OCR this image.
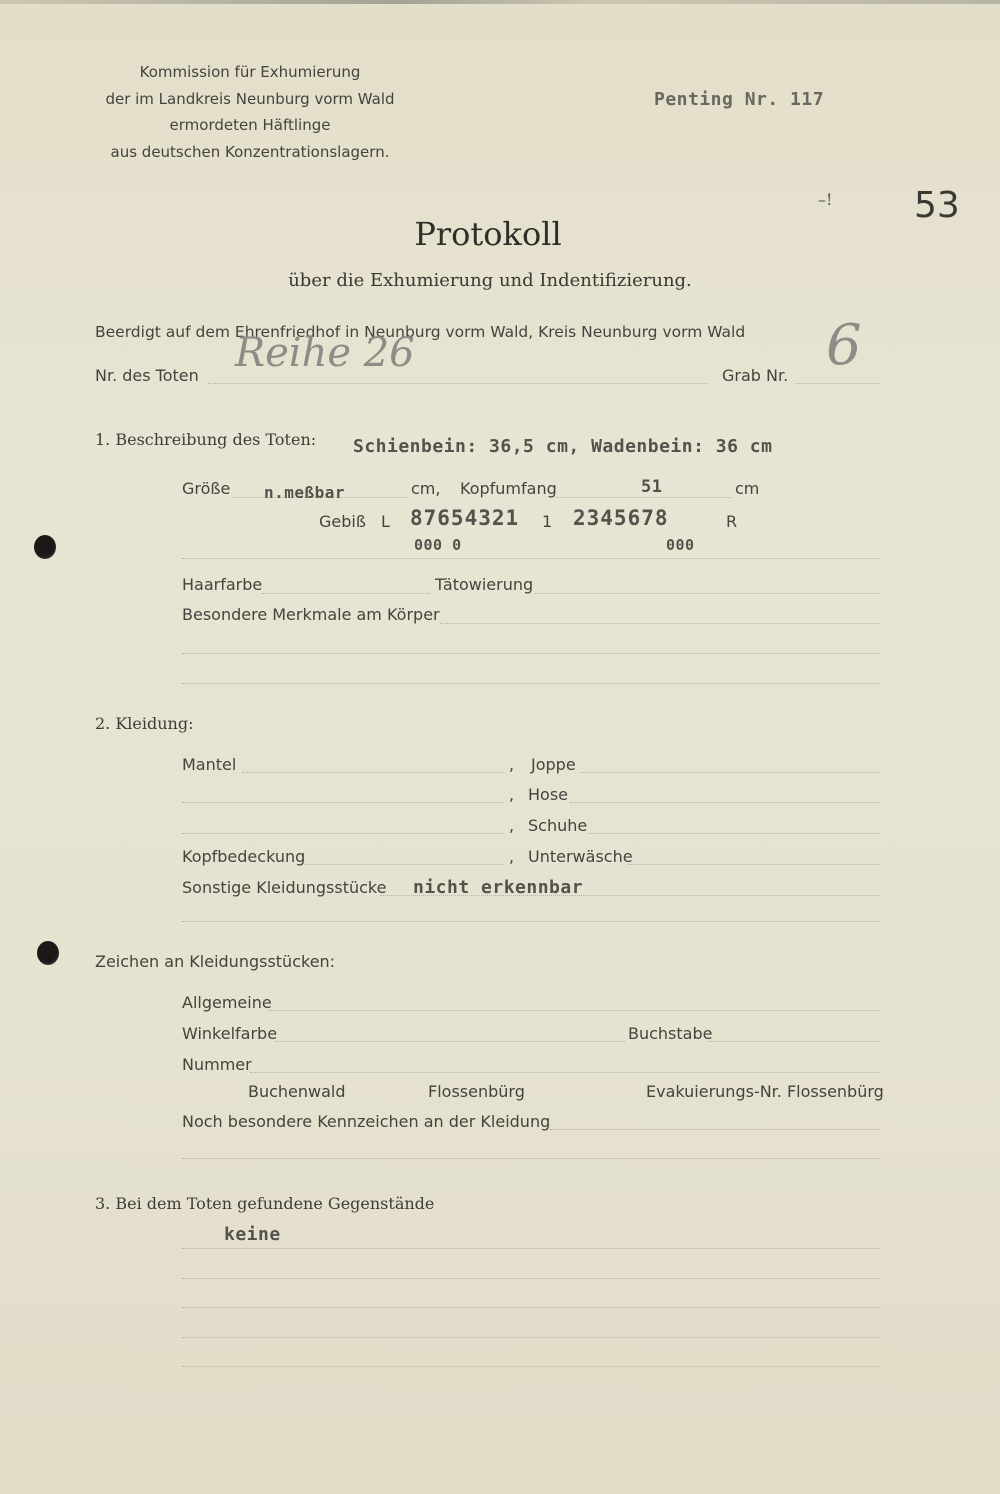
Kommission für Exhumierung
der im Landkreis Neunburg vorm Wald
ermordeten Häftlinge
aus deutschen Konzentrationslagern.
Penting Nr. 117
–! 53
Protokoll
über die Exhumierung und Indentifizierung.
Beerdigt auf dem Ehrenfriedhof in Neunburg vorm Wald, Kreis Neunburg vorm Wald
Nr. des Toten Reihe 26	Grab Nr. 6
1. Beschreibung des Toten: Schienbein: 36,5 cm, Wadenbein: 36 cm
Größe n.meßbar	cm, Kopfumfang	51	cm
Gebiß L 87654321 1 2345678	R
000 0	000
Haarfarbe	Tätowierung
Besondere Merkmale am Körper
2. Kleidung:
Mantel	, Joppe
, Hose
, Schuhe
Kopfbedeckung	, Unterwäsche
Sonstige Kleidungsstücke nicht erkennbar
Zeichen an Kleidungsstücken:
Allgemeine
Winkelfarbe	Buchstabe
Nummer
Buchenwald	Flossenbürg	Evakuierungs-Nr. Flossenbürg
Noch besondere Kennzeichen an der Kleidung
3. Bei dem Toten gefundene Gegenstände
keine
